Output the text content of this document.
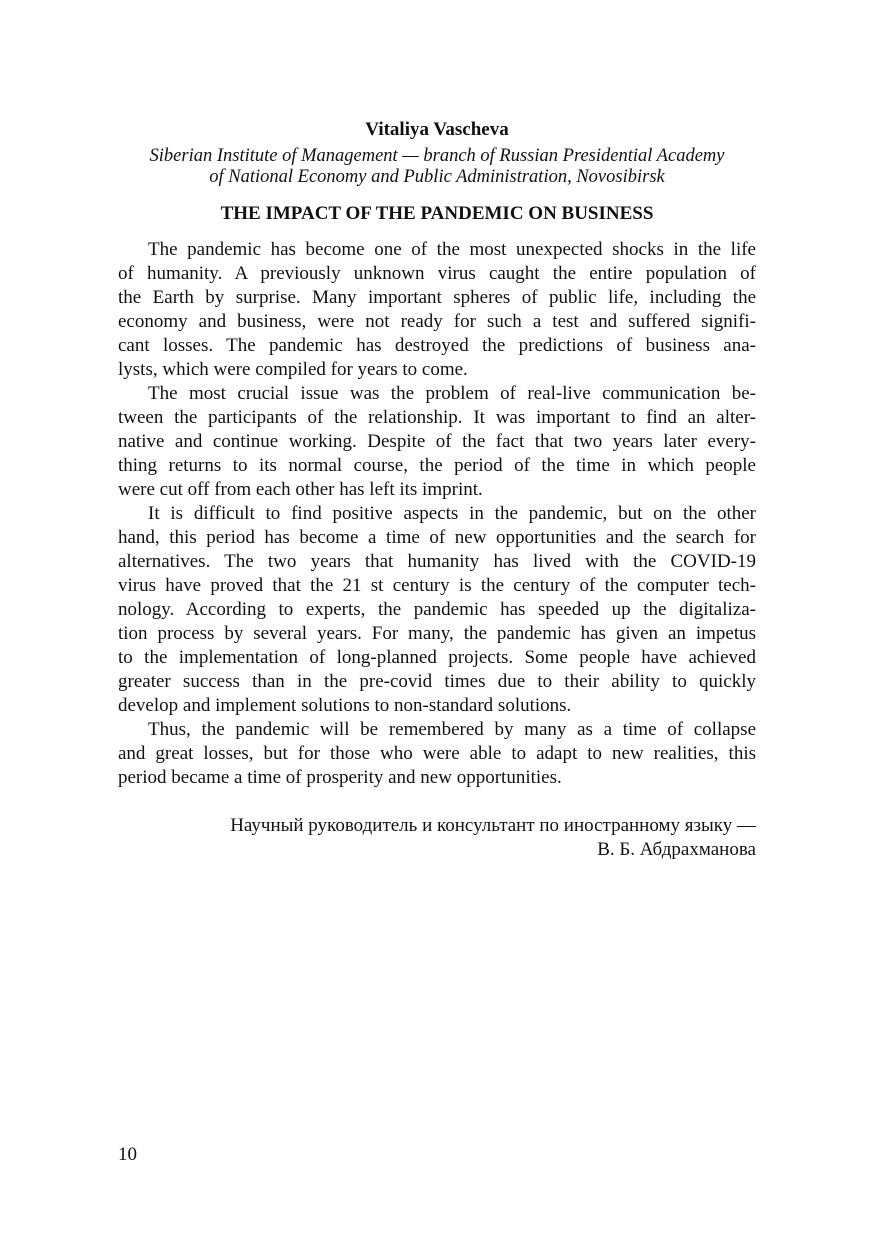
Vitaliya Vascheva
Siberian Institute of Management — branch of Russian Presidential Academy
of National Economy and Public Administration, Novosibirsk
THE IMPACT OF THE PANDEMIC ON BUSINESS
The pandemic has become one of the most unexpected shocks in the life
of humanity. A previously unknown virus caught the entire population of
the Earth by surprise. Many important spheres of public life, including the
economy and business, were not ready for such a test and suffered signifi-
cant losses. The pandemic has destroyed the predictions of business ana-
lysts, which were compiled for years to come.
The most crucial issue was the problem of real-live communication be-
tween the participants of the relationship. It was important to find an alter-
native and continue working. Despite of the fact that two years later every-
thing returns to its normal course, the period of the time in which people
were cut off from each other has left its imprint.
It is difficult to find positive aspects in the pandemic, but on the other
hand, this period has become a time of new opportunities and the search for
alternatives. The two years that humanity has lived with the COVID-19
virus have proved that the 21 st century is the century of the computer tech-
nology. According to experts, the pandemic has speeded up the digitaliza-
tion process by several years. For many, the pandemic has given an impetus
to the implementation of long-planned projects. Some people have achieved
greater success than in the pre-covid times due to their ability to quickly
develop and implement solutions to non-standard solutions.
Thus, the pandemic will be remembered by many as a time of collapse
and great losses, but for those who were able to adapt to new realities, this
period became a time of prosperity and new opportunities.
Научный руководитель и консультант по иностранному языку —
В. Б. Абдрахманова
10
